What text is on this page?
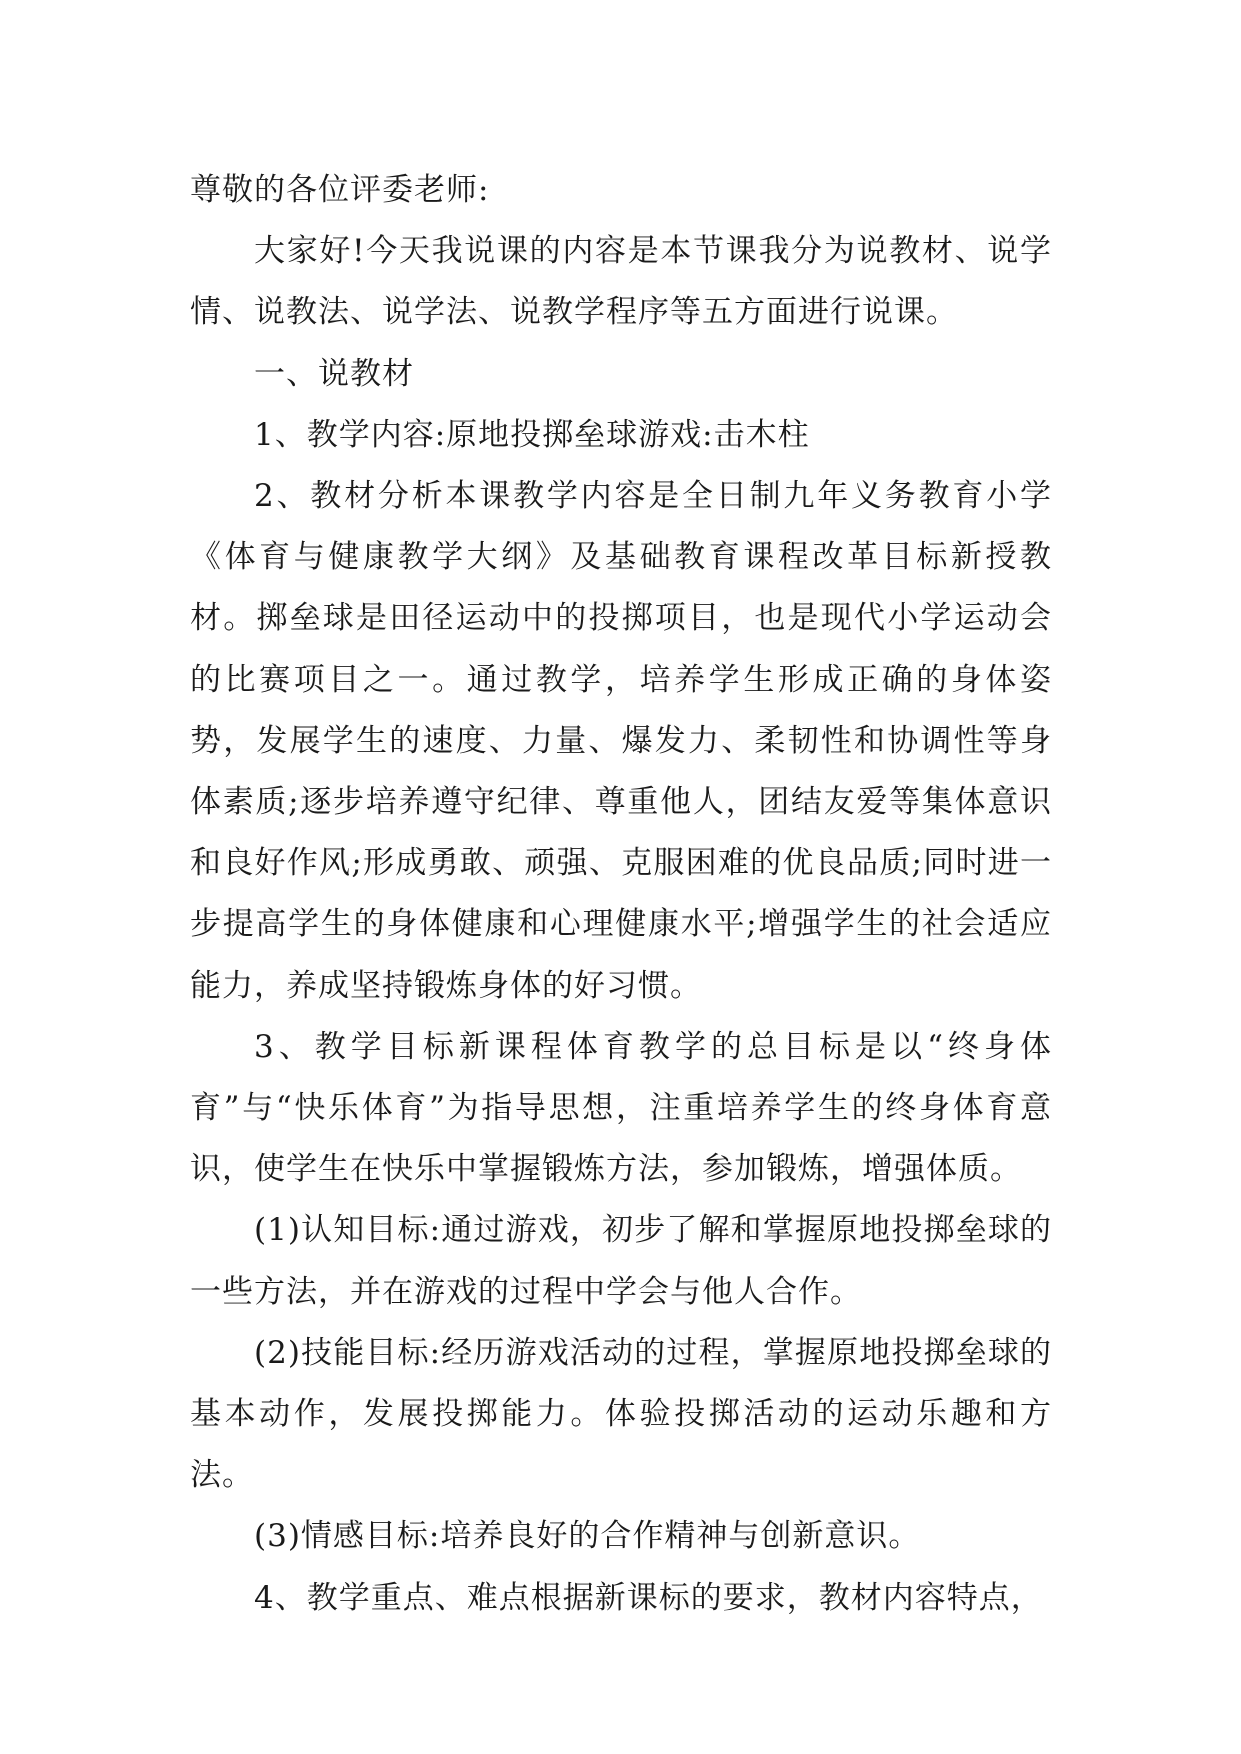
尊敬的各位评委老师:

大家好!今天我说课的内容是本节课我分为说教材、说学情、说教法、说学法、说教学程序等五方面进行说课。

一、说教材

1、教学内容:原地投掷垒球游戏:击木柱

2、教材分析本课教学内容是全日制九年义务教育小学《体育与健康教学大纲》及基础教育课程改革目标新授教材。掷垒球是田径运动中的投掷项目，也是现代小学运动会的比赛项目之一。通过教学，培养学生形成正确的身体姿势，发展学生的速度、力量、爆发力、柔韧性和协调性等身体素质;逐步培养遵守纪律、尊重他人，团结友爱等集体意识和良好作风;形成勇敢、顽强、克服困难的优良品质;同时进一步提高学生的身体健康和心理健康水平;增强学生的社会适应能力，养成坚持锻炼身体的好习惯。

3、教学目标新课程体育教学的总目标是以“终身体育”与“快乐体育”为指导思想，注重培养学生的终身体育意识，使学生在快乐中掌握锻炼方法，参加锻炼，增强体质。

(1)认知目标:通过游戏，初步了解和掌握原地投掷垒球的一些方法，并在游戏的过程中学会与他人合作。

(2)技能目标:经历游戏活动的过程，掌握原地投掷垒球的基本动作，发展投掷能力。体验投掷活动的运动乐趣和方法。

(3)情感目标:培养良好的合作精神与创新意识。

4、教学重点、难点根据新课标的要求，教材内容特点，
